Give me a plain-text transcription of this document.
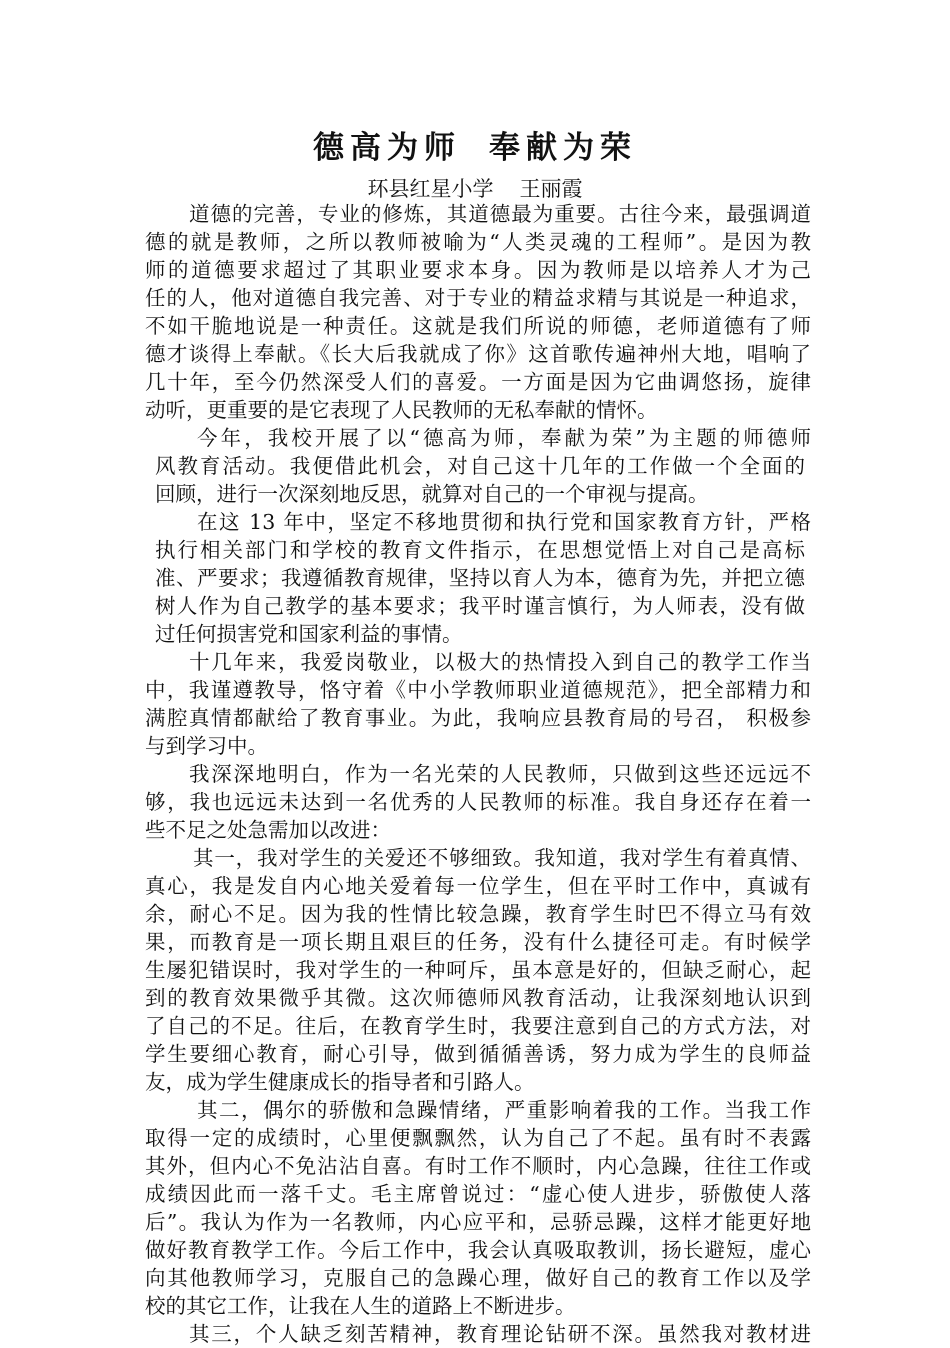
德高为师 奉献为荣
环县红星小学 王丽霞
道德的完善，专业的修炼，其道德最为重要。古往今来，最强调道
德的就是教师，之所以教师被喻为“人类灵魂的工程师”。是因为教
师的道德要求超过了其职业要求本身。因为教师是以培养人才为己
任的人，他对道德自我完善、对于专业的精益求精与其说是一种追求，
不如干脆地说是一种责任。这就是我们所说的师德，老师道德有了师
德才谈得上奉献。《长大后我就成了你》这首歌传遍神州大地，唱响了
几十年，至今仍然深受人们的喜爱。一方面是因为它曲调悠扬，旋律
动听，更重要的是它表现了人民教师的无私奉献的情怀。
今年，我校开展了以“德高为师，奉献为荣”为主题的师德师
风教育活动。我便借此机会，对自己这十几年的工作做一个全面的
回顾，进行一次深刻地反思，就算对自己的一个审视与提高。
在这 13 年中，坚定不移地贯彻和执行党和国家教育方针，严格
执行相关部门和学校的教育文件指示，在思想觉悟上对自己是高标
准、严要求；我遵循教育规律，坚持以育人为本，德育为先，并把立德
树人作为自己教学的基本要求；我平时谨言慎行，为人师表，没有做
过任何损害党和国家利益的事情。
十几年来，我爱岗敬业，以极大的热情投入到自己的教学工作当
中，我谨遵教导，恪守着《中小学教师职业道德规范》，把全部精力和
满腔真情都献给了教育事业。为此，我响应县教育局的号召， 积极参
与到学习中。
我深深地明白，作为一名光荣的人民教师，只做到这些还远远不
够，我也远远未达到一名优秀的人民教师的标准。我自身还存在着一
些不足之处急需加以改进：
其一，我对学生的关爱还不够细致。我知道，我对学生有着真情、
真心，我是发自内心地关爱着每一位学生，但在平时工作中，真诚有
余，耐心不足。因为我的性情比较急躁，教育学生时巴不得立马有效
果，而教育是一项长期且艰巨的任务，没有什么捷径可走。有时候学
生屡犯错误时，我对学生的一种呵斥，虽本意是好的，但缺乏耐心，起
到的教育效果微乎其微。这次师德师风教育活动，让我深刻地认识到
了自己的不足。往后，在教育学生时，我要注意到自己的方式方法，对
学生要细心教育，耐心引导，做到循循善诱，努力成为学生的良师益
友，成为学生健康成长的指导者和引路人。
其二，偶尔的骄傲和急躁情绪，严重影响着我的工作。当我工作
取得一定的成绩时，心里便飘飘然，认为自己了不起。虽有时不表露
其外，但内心不免沾沾自喜。有时工作不顺时，内心急躁，往往工作或
成绩因此而一落千丈。毛主席曾说过：“虚心使人进步，骄傲使人落
后”。我认为作为一名教师，内心应平和，忌骄忌躁，这样才能更好地
做好教育教学工作。今后工作中，我会认真吸取教训，扬长避短，虚心
向其他教师学习，克服自己的急躁心理，做好自己的教育工作以及学
校的其它工作，让我在人生的道路上不断进步。
其三，个人缺乏刻苦精神，教育理论钻研不深。虽然我对教材进
